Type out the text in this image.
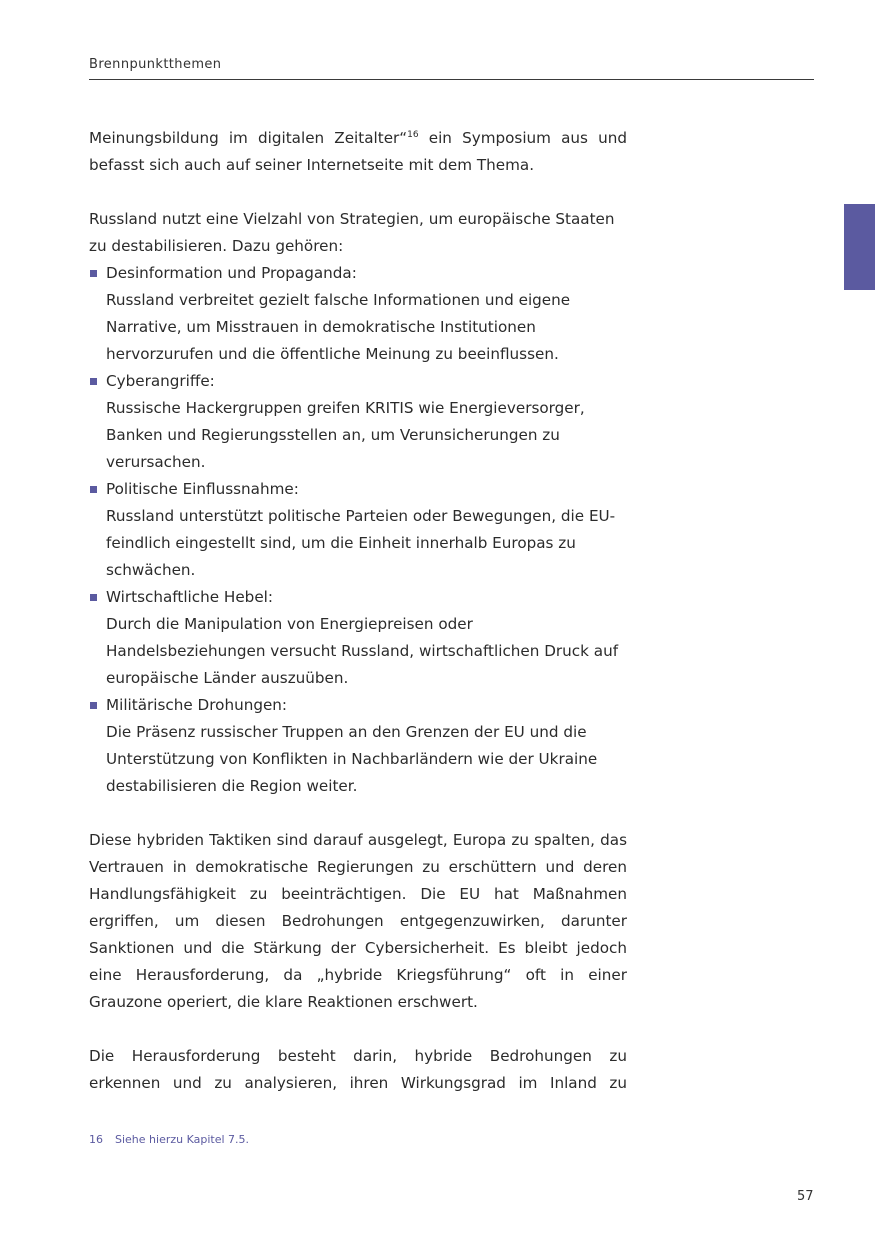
Brennpunktthemen

Meinungsbildung im digitalen Zeitalter“$^{16}$ ein Symposium aus und befasst sich auch auf seiner Internetseite mit dem Thema.

Russland nutzt eine Vielzahl von Strategien, um europäische Staaten zu destabilisieren. Dazu gehören:

Desinformation und Propaganda:
Russland verbreitet gezielt falsche Informationen und eigene Narrative, um Misstrauen in demokratische Institutionen hervorzurufen und die öffentliche Meinung zu beeinflussen.
Cyberangriffe:
Russische Hackergruppen greifen KRITIS wie Energieversorger, Banken und Regierungsstellen an, um Verunsicherungen zu verursachen.
Politische Einflussnahme:
Russland unterstützt politische Parteien oder Bewegungen, die EU-feindlich eingestellt sind, um die Einheit innerhalb Europas zu schwächen.
Wirtschaftliche Hebel:
Durch die Manipulation von Energiepreisen oder Handelsbeziehungen versucht Russland, wirtschaftlichen Druck auf europäische Länder auszuüben.
Militärische Drohungen:
Die Präsenz russischer Truppen an den Grenzen der EU und die Unterstützung von Konflikten in Nachbarländern wie der Ukraine destabilisieren die Region weiter.

Diese hybriden Taktiken sind darauf ausgelegt, Europa zu spalten, das Vertrauen in demokratische Regierungen zu erschüttern und deren Handlungsfähigkeit zu beeinträchtigen. Die EU hat Maßnahmen ergriffen, um diesen Bedrohungen entgegenzuwirken, darunter Sanktionen und die Stärkung der Cybersicherheit. Es bleibt jedoch eine Herausforderung, da „hybride Kriegsführung“ oft in einer Grauzone operiert, die klare Reaktionen erschwert.

Die Herausforderung besteht darin, hybride Bedrohungen zu erkennen und zu analysieren, ihren Wirkungsgrad im Inland zu

16 Siehe hierzu Kapitel 7.5.
57
